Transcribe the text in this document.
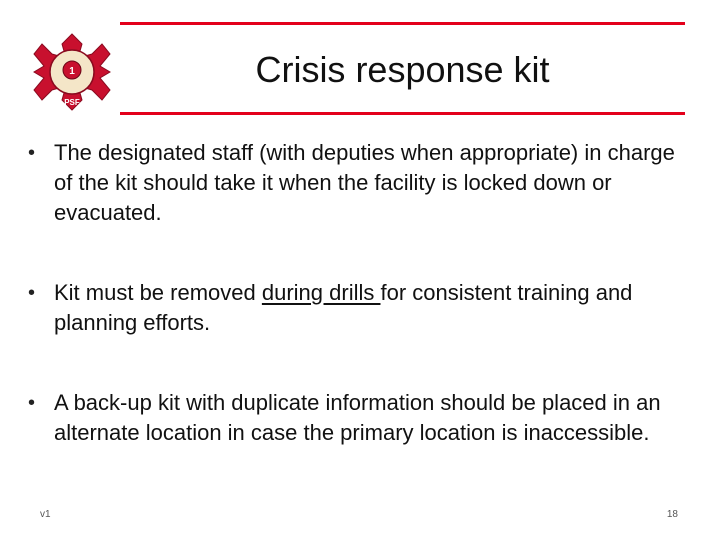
1
PSF
Crisis response kit
• The designated staff (with deputies when appropriate) in charge of the kit should take it when the facility is locked down or evacuated.
• Kit must be removed during drills for consistent training and planning efforts.
• A back-up kit with duplicate information should be placed in an alternate location in case the primary location is inaccessible.
v1	18
